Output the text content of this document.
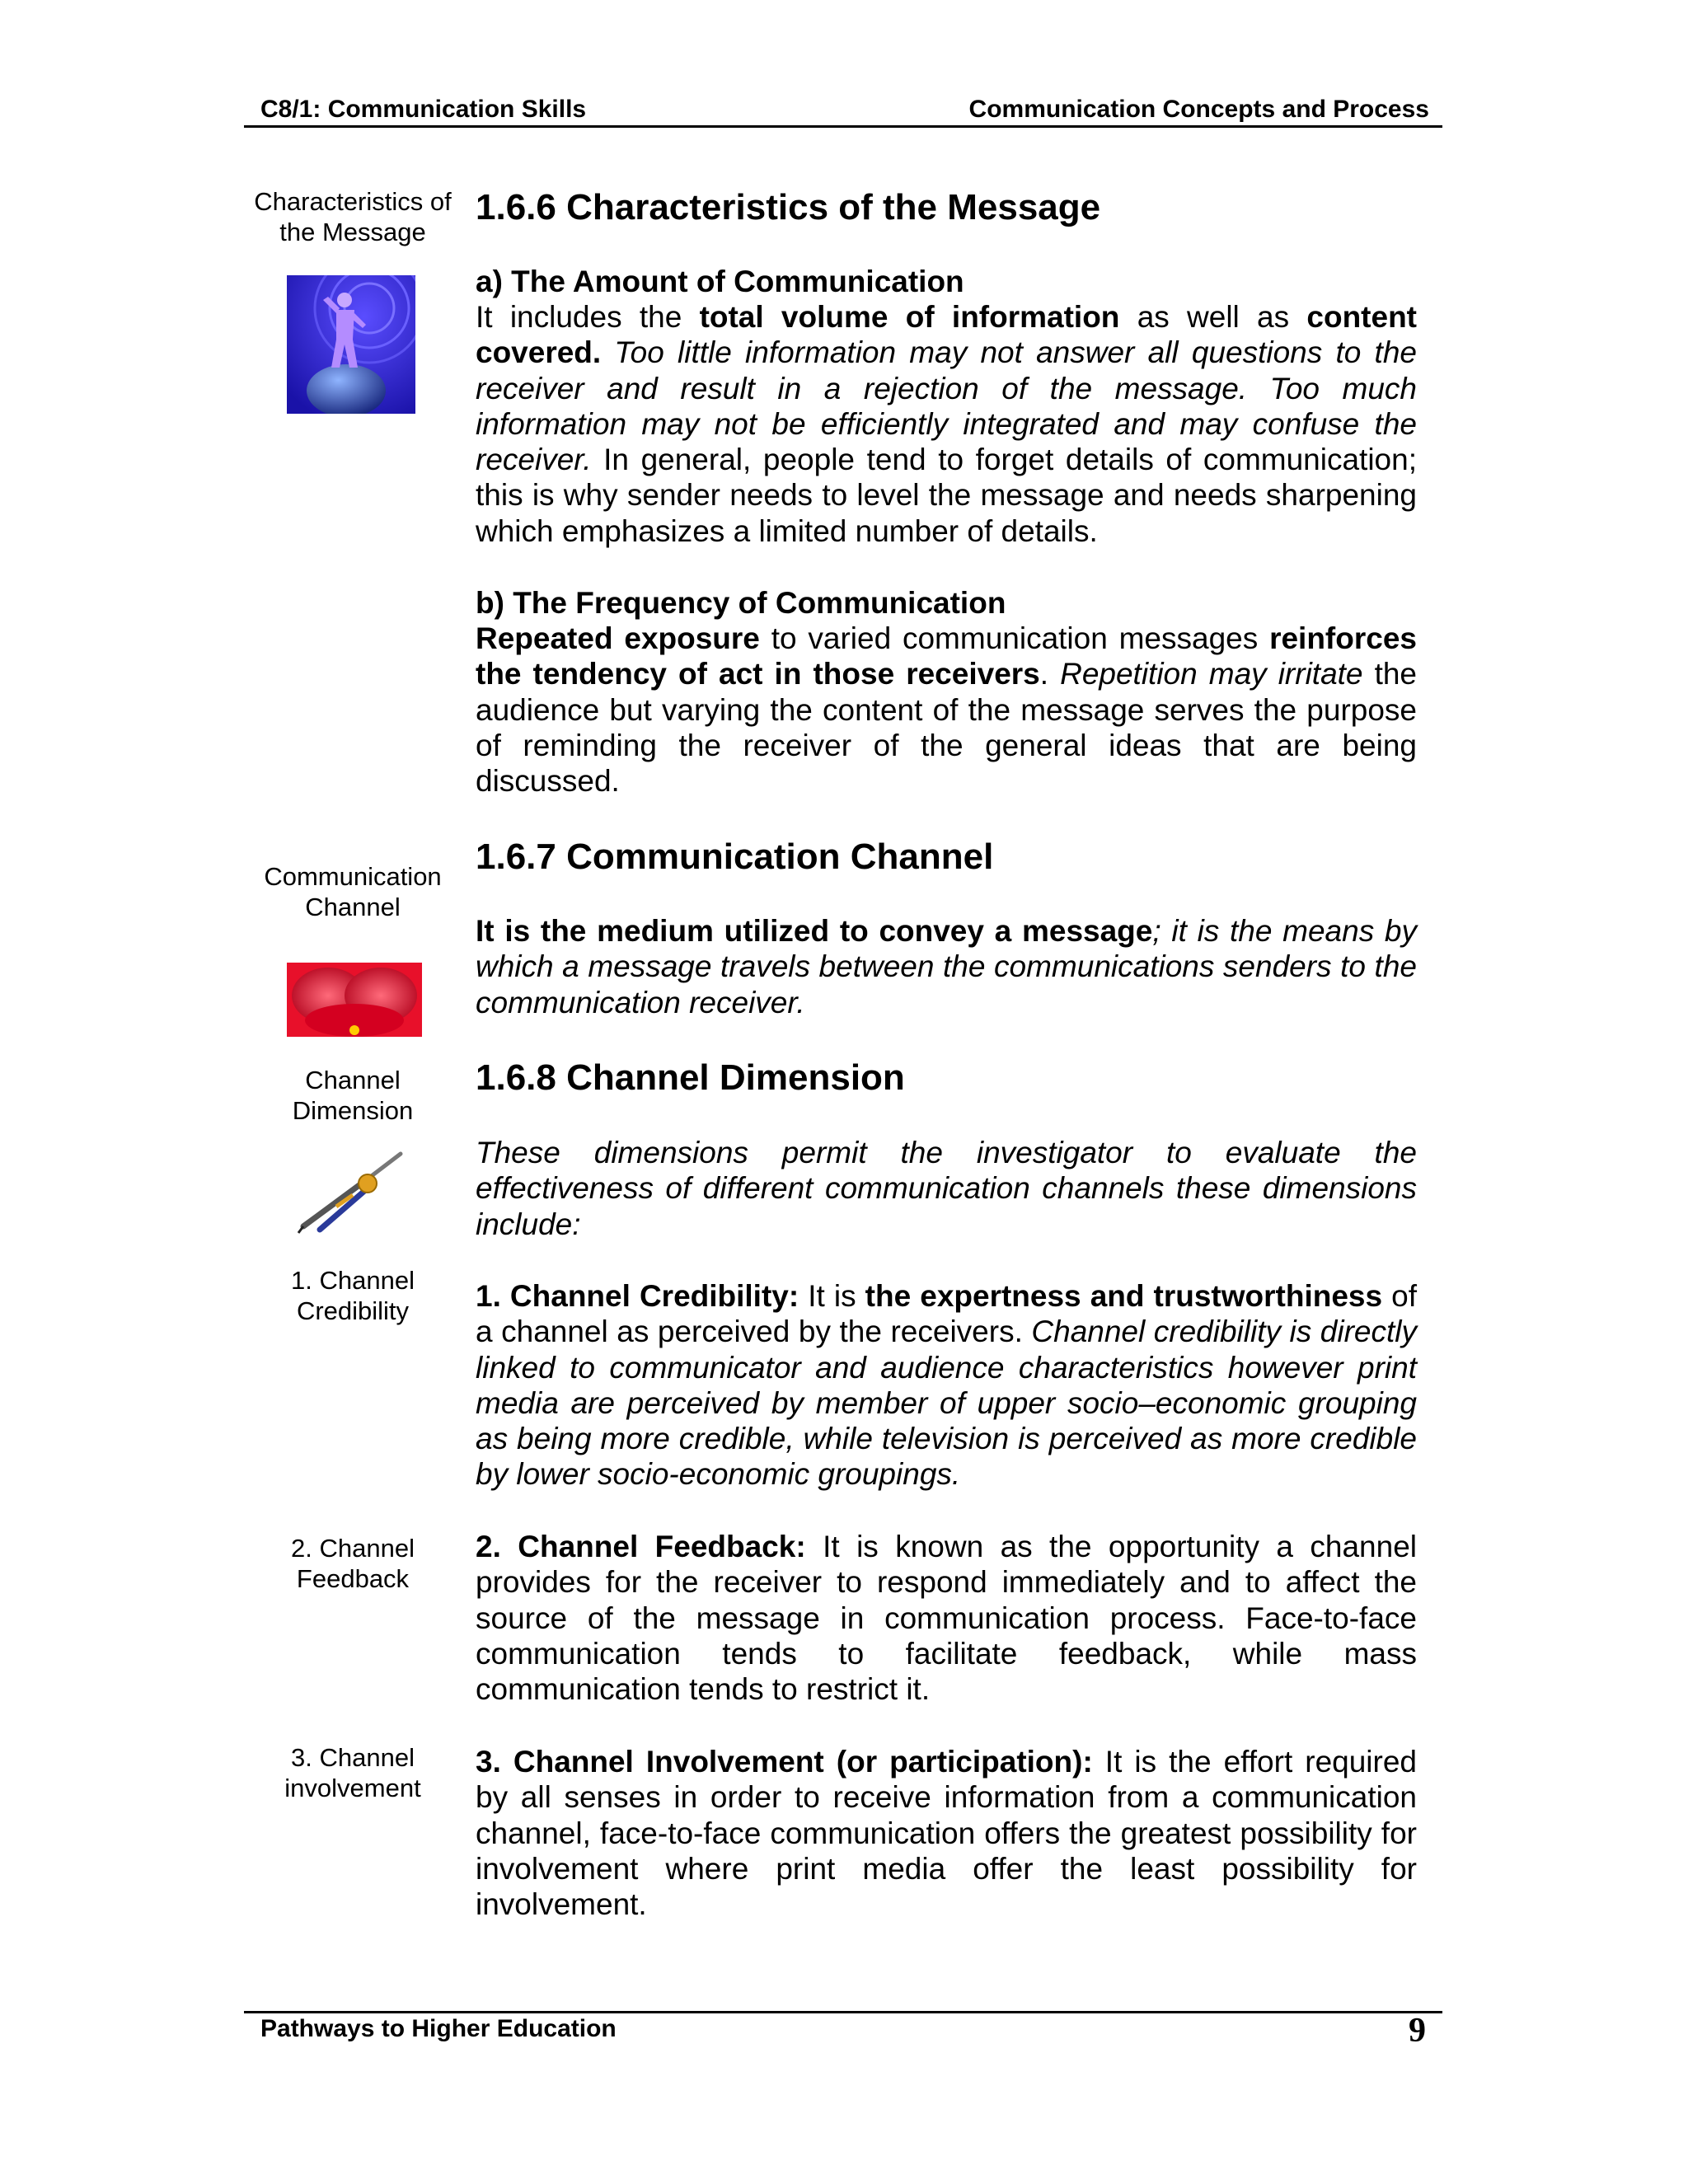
C8/1: Communication Skills	Communication Concepts and Process
Characteristics of the Message
Communication Channel
Channel Dimension
1. Channel Credibility
2. Channel Feedback
3. Channel involvement
1.6.6 Characteristics of the Message
a) The Amount of Communication
It includes the total volume of information as well as content covered. Too little information may not answer all questions to the receiver and result in a rejection of the message. Too much information may not be efficiently integrated and may confuse the receiver. In general, people tend to forget details of communication; this is why sender needs to level the message and needs sharpening which emphasizes a limited number of details.
b) The Frequency of Communication
Repeated exposure to varied communication messages reinforces the tendency of act in those receivers. Repetition may irritate the audience but varying the content of the message serves the purpose of reminding the receiver of the general ideas that are being discussed.
1.6.7 Communication Channel
It is the medium utilized to convey a message; it is the means by which a message travels between the communications senders to the communication receiver.
1.6.8 Channel Dimension
These dimensions permit the investigator to evaluate the effectiveness of different communication channels these dimensions include:
1. Channel Credibility: It is the expertness and trustworthiness of a channel as perceived by the receivers. Channel credibility is directly linked to communicator and audience characteristics however print media are perceived by member of upper socio–economic grouping as being more credible, while television is perceived as more credible by lower socio-economic groupings.
2. Channel Feedback: It is known as the opportunity a channel provides for the receiver to respond immediately and to affect the source of the message in communication process. Face-to-face communication tends to facilitate feedback, while mass communication tends to restrict it.
3. Channel Involvement (or participation): It is the effort required by all senses in order to receive information from a communication channel, face-to-face communication offers the greatest possibility for involvement where print media offer the least possibility for involvement.
Pathways to Higher Education	9
